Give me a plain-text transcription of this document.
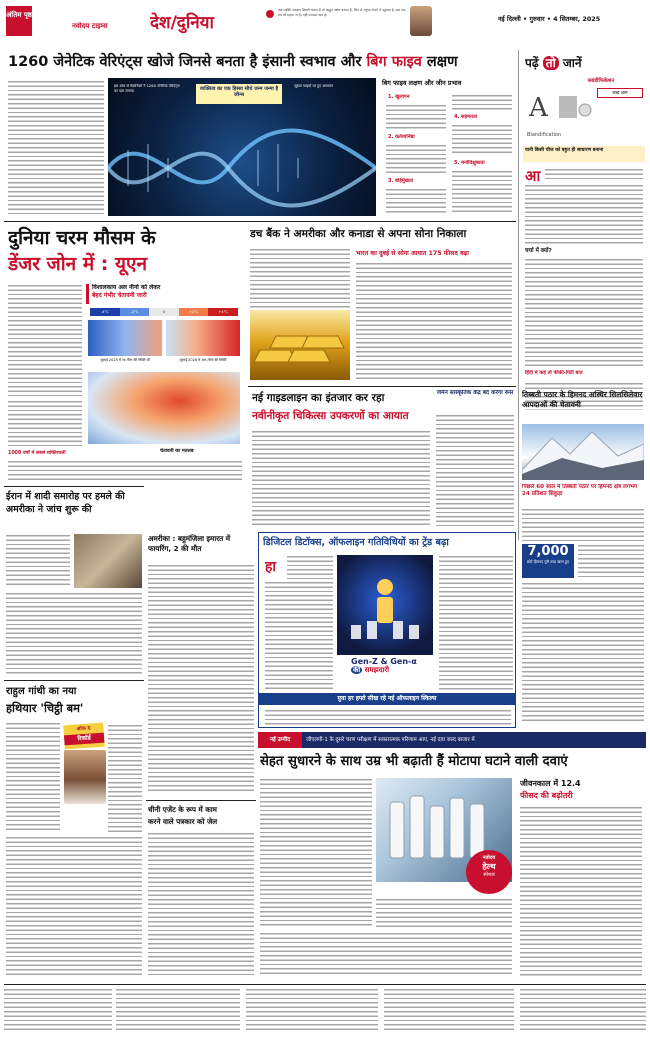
अंतिम पृष्ठ
नवोदय टाइम्स	देश/दुनिया
जब व्यक्ति भगवान लिखने चलता है तो अद्भुत अक्षर बनाता है, जिन से मनुष्य गोठने में पहुंचता है, सब तंत्र-मंत्र भी सहारा ना है। वहीं परमात्म ज्ञान है।
नई दिल्ली • गुरुवार • 4 सितम्बर, 2025
1260 जेनेटिक वेरिएंट्स खोजे जिनसे बनता है इंसानी स्वभाव और बिग फाइव लक्षण
इस शोध से वैज्ञानिकों ने 1260 जेनेटिक वेरिएंट्स का पता लगाया	व्यक्तित्व का एक हिस्सा सीधे जन्म जन्मा है जीन्स
जुड़वा भाइयों पर हुए अध्ययन	बिग फाइव लक्षण और जीन प्रभाव
1. खुलापन
2. कर्तव्यनिष्ठा
3. बहिर्मुखता
4. सहमतता
5. मनोविक्षुब्धता
पढ़ें तो जानें
ब्लांडीफिकेशन
शब्द ज्ञान
A
Blandification
यानी किसी चीज को बहुत ही साधारण बनाना
आ
चर्चा में क्यों?
हिंदी में कहें तो फीकी-पिटी बात
दुनिया चरम मौसम के
डेंजर जोन में : यूएन
विशालकाय अल नीनो को लेकर
बेहद गंभीर चेतावनी जारी
-4°C	-2°C	0	+2°C	+4°C
जुलाई 2025 में ला-नीना की स्थिति थी	जुलाई 2026 में अल-नीनो की स्थिति
1000 वर्षों में सबसे शक्तिशाली	चेतावनी का मतलब
डच बैंक ने अमरीका और कनाडा से अपना सोना निकाला
भारत का दुबई से सोना आयात 175 फीसद बढ़ा
नई गाइडलाइन का इंतजार कर रहा
नवीनीकृत चिकित्सा उपकरणों का आयात
जर्मन सांस्कृतिक केंद्र बंद करेगा रूस तिब्बती पठार के हिमनद अस्थिर सिलसिलेवार आपदाओं की चेतावनी
पिछले 60 साल में तिब्बती पठार पर हिमनद क्षेत्र लगभग 24 प्रतिशत सिकुड़ा
7,000
छोटे हिमनद पूरी तरह खत्म हुए
ईरान में शादी समारोह पर हमले की अमरीका ने जांच शुरू की
अमरीका : बहुमंजिला इमारत में फायरिंग, 2 की मौत
डिजिटल डिटॉक्स, ऑफलाइन गतिविधियों का ट्रेंड बढ़ा
हा
Gen-Z & Gen-α
की समझदारी
युवा हर हफ्ते सीख रहे नई ऑफलाइन स्किल्स
राहुल गांधी का नया
हथियार 'चिट्ठी बम'
ऑफ द
रिकॉर्ड
चीनी एजेंट के रूप में काम
करने वाले पत्रकार को जेल
नई उम्मीद	जीएलपी-1 के दूसरे चरण परीक्षण में सकारात्मक परिणाम आए, नई दवा जल्द बाजार में
सेहत सुधारने के साथ उम्र भी बढ़ाती हैं मोटापा घटाने वाली दवाएं
नवोदय
हेल्थ
स्पेशल
जीवनकाल में 12.4
फीसद की बढ़ोतरी
